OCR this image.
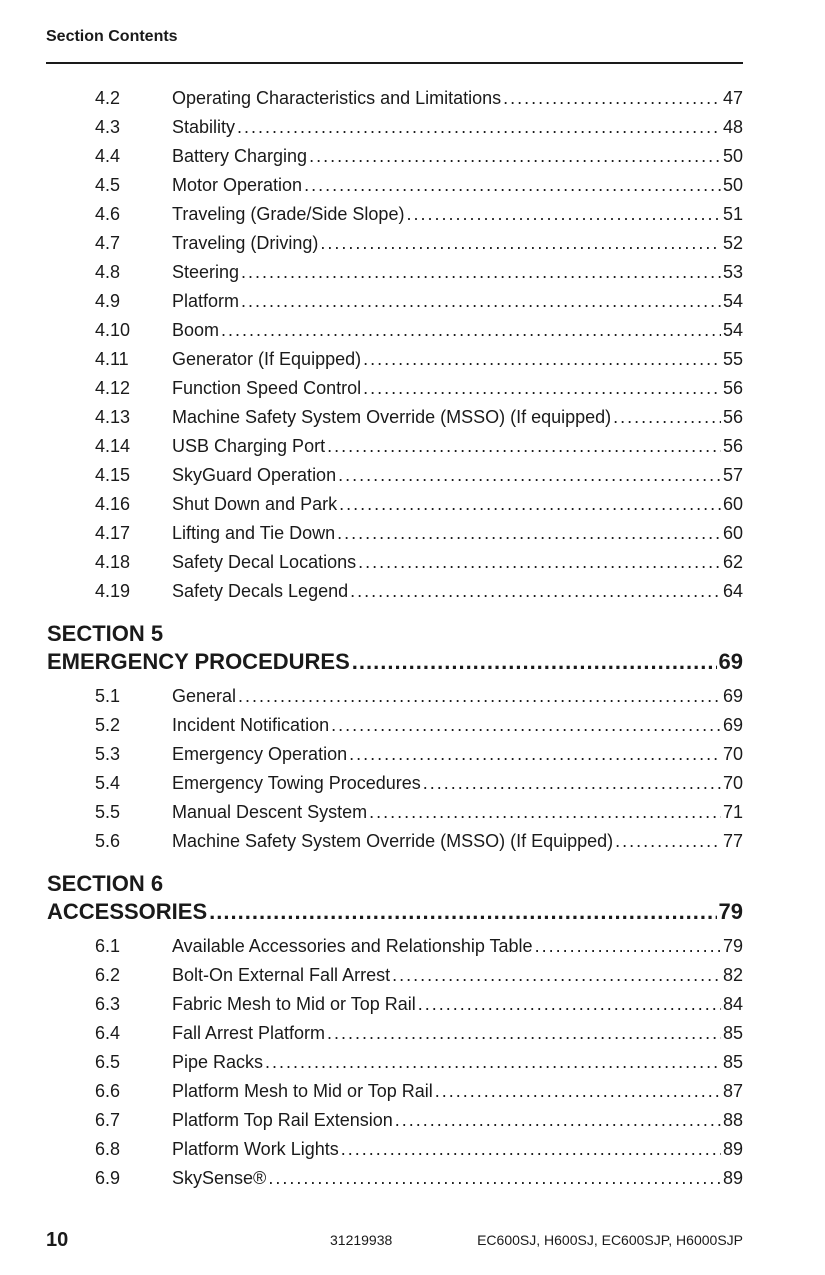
Section Contents
4.2	Operating Characteristics and Limitations .....	47
4.3	Stability .....	48
4.4	Battery Charging .....	50
4.5	Motor Operation .....	50
4.6	Traveling (Grade/Side Slope) .....	51
4.7	Traveling (Driving) .....	52
4.8	Steering .....	53
4.9	Platform .....	54
4.10 Boom .....	54
4.11 Generator (If Equipped) .....	55
4.12 Function Speed Control .....	56
4.13 Machine Safety System Override (MSSO) (If equipped) .....	56
4.14 USB Charging Port .....	56
4.15 SkyGuard Operation .....	57
4.16 Shut Down and Park .....	60
4.17 Lifting and Tie Down .....	60
4.18 Safety Decal Locations .....	62
4.19 Safety Decals Legend .....	64
SECTION 5
EMERGENCY PROCEDURES .....	69
5.1	General .....	69
5.2	Incident Notification .....	69
5.3	Emergency Operation .....	70
5.4	Emergency Towing Procedures .....	70
5.5	Manual Descent System .....	71
5.6	Machine Safety System Override (MSSO) (If Equipped) .....	77
SECTION 6
ACCESSORIES .....	79
6.1	Available Accessories and Relationship Table .....	79
6.2	Bolt-On External Fall Arrest .....	82
6.3	Fabric Mesh to Mid or Top Rail .....	84
6.4	Fall Arrest Platform .....	85
6.5	Pipe Racks .....	85
6.6	Platform Mesh to Mid or Top Rail .....	87
6.7	Platform Top Rail Extension .....	88
6.8	Platform Work Lights .....	89
6.9	SkySense® .....	89
10	31219938	EC600SJ, H600SJ, EC600SJP, H6000SJP
